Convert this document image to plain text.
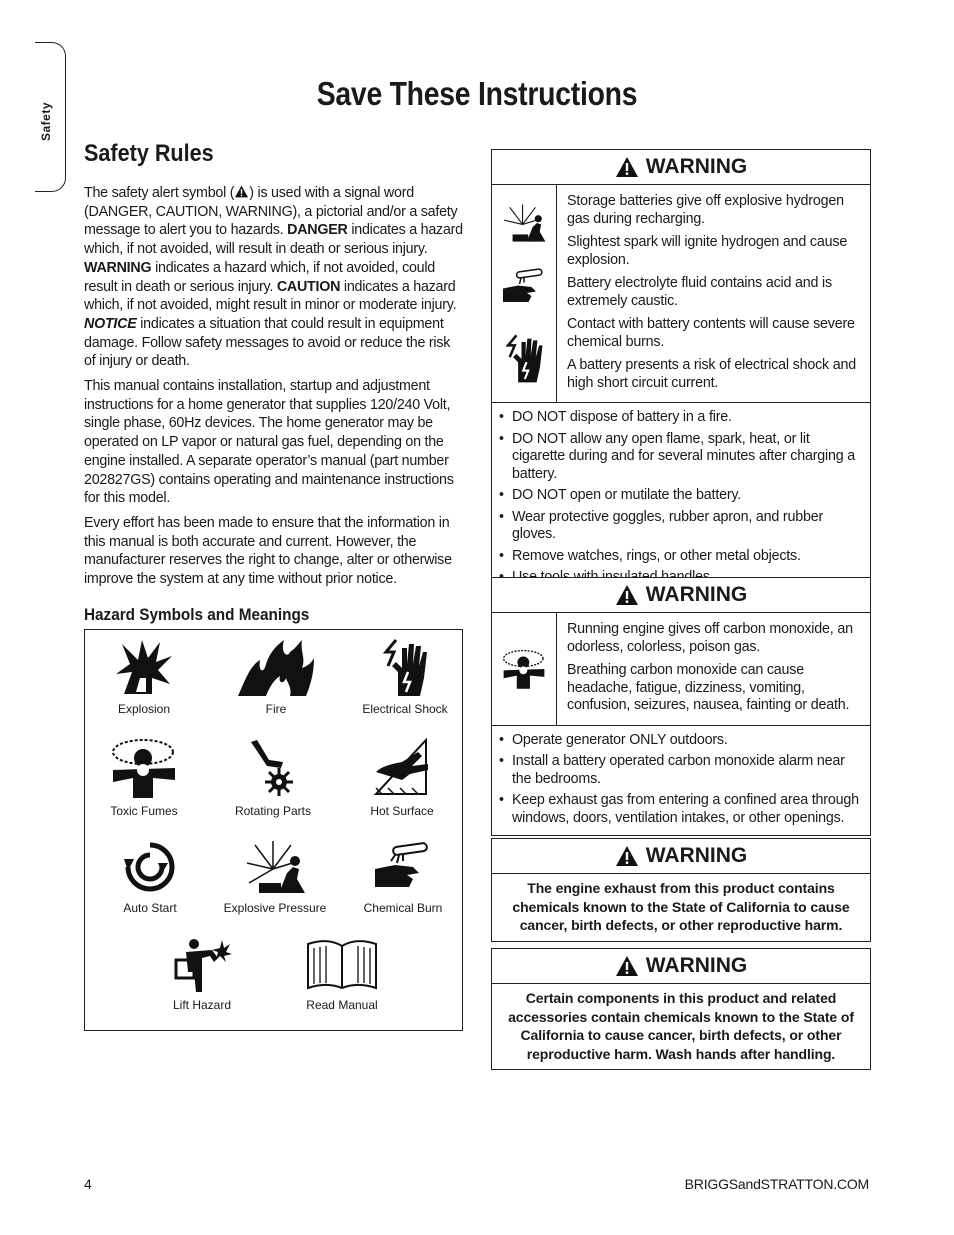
Safety
Save These Instructions
Safety Rules

The safety alert symbol ( ) is used with a signal word (DANGER, CAUTION, WARNING), a pictorial and/or a safety message to alert you to hazards. DANGER indicates a hazard which, if not avoided, will result in death or serious injury. WARNING indicates a hazard which, if not avoided, could result in death or serious injury. CAUTION indicates a hazard which, if not avoided, might result in minor or moderate injury. NOTICE indicates a situation that could result in equipment damage. Follow safety messages to avoid or reduce the risk of injury or death.

This manual contains installation, startup and adjustment instructions for a home generator that supplies 120/240 Volt, single phase, 60Hz devices. The home generator may be operated on LP vapor or natural gas fuel, depending on the engine installed. A separate operator’s manual (part number 202827GS) contains operating and maintenance instructions for this model.

Every effort has been made to ensure that the information in this manual is both accurate and current. However, the manufacturer reserves the right to change, alter or otherwise improve the system at any time without prior notice.

Hazard Symbols and Meanings
Explosion	Fire	Electrical Shock
Toxic Fumes	Rotating Parts	Hot Surface
Auto Start	Explosive Pressure	Chemical Burn
Lift Hazard	Read Manual
WARNING

Storage batteries give off explosive hydrogen gas during recharging.

Slightest spark will ignite hydrogen and cause explosion.

Battery electrolyte fluid contains acid and is extremely caustic.

Contact with battery contents will cause severe chemical burns.

A battery presents a risk of electrical shock and high short circuit current.

• DO NOT dispose of battery in a fire.
• DO NOT allow any open flame, spark, heat, or lit cigarette during and for several minutes after charging a battery.
• DO NOT open or mutilate the battery.
• Wear protective goggles, rubber apron, and rubber gloves.
• Remove watches, rings, or other metal objects.
•
WARNING

Running engine gives off carbon monoxide, an odorless, colorless, poison gas.

Breathing carbon monoxide can cause headache, fatigue, dizziness, vomiting, confusion, seizures, nausea, fainting or death.

• Operate generator ONLY outdoors.
• Install a battery operated carbon monoxide alarm near the bedrooms.
• Keep exhaust gas from entering a confined area through windows, doors, ventilation intakes, or other openings.
WARNING
The engine exhaust from this product contains chemicals known to the State of California to cause cancer, birth defects, or other reproductive harm.
WARNING
Certain components in this product and related accessories contain chemicals known to the State of California to cause cancer, birth defects, or other reproductive harm. Wash hands after handling.
4	BRIGGSandSTRATTON.COM
